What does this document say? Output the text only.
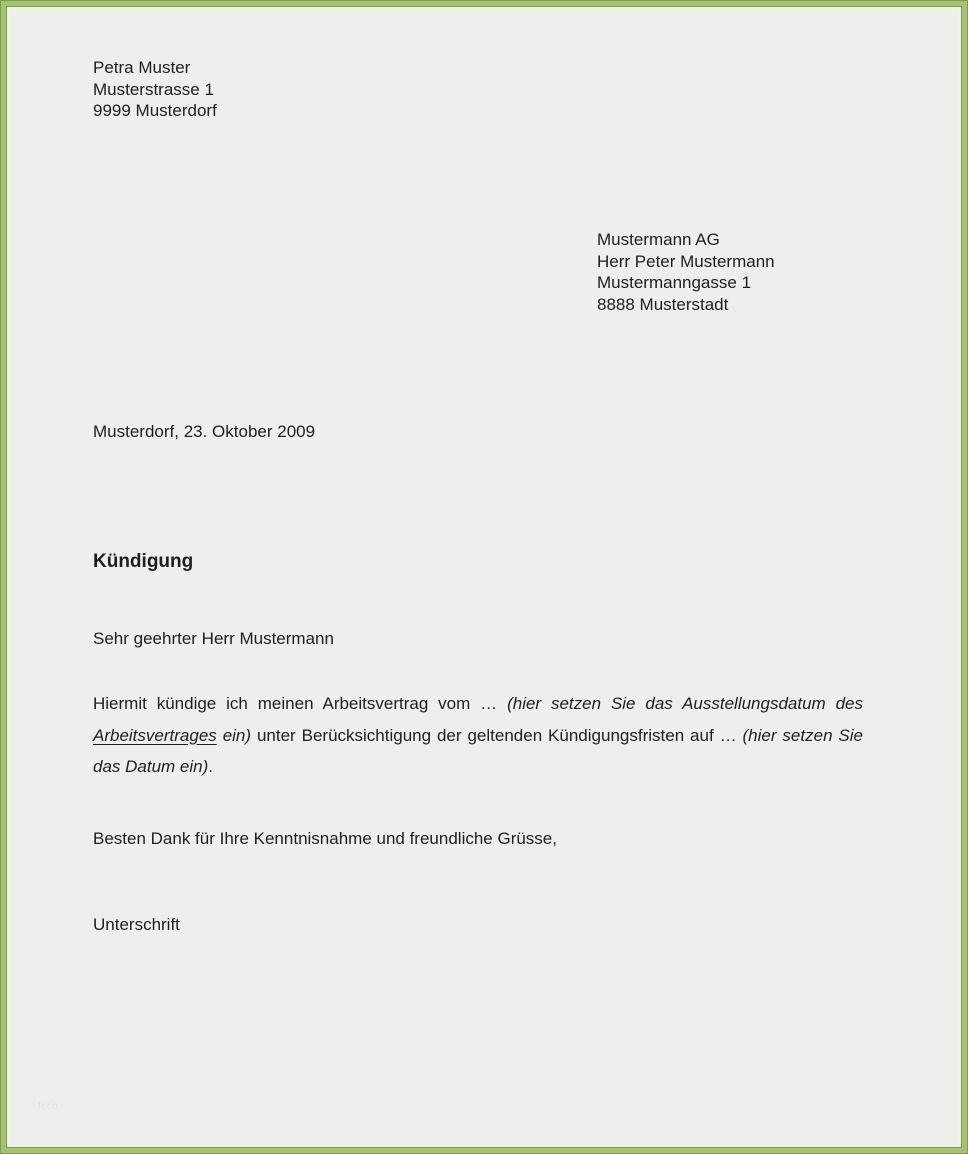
Petra Muster
Musterstrasse 1
9999 Musterdorf
Mustermann AG
Herr Peter Mustermann
Mustermanngasse 1
8888 Musterstadt
Musterdorf, 23. Oktober 2009
Kündigung
Sehr geehrter Herr Mustermann
Hiermit kündige ich meinen Arbeitsvertrag vom … (hier setzen Sie das Ausstellungsdatum des Arbeitsvertrages ein) unter Berücksichtigung der geltenden Kündigungsfristen auf … (hier setzen Sie das Datum ein).
Besten Dank für Ihre Kenntnisnahme und freundliche Grüsse,
Unterschrift
fcco
